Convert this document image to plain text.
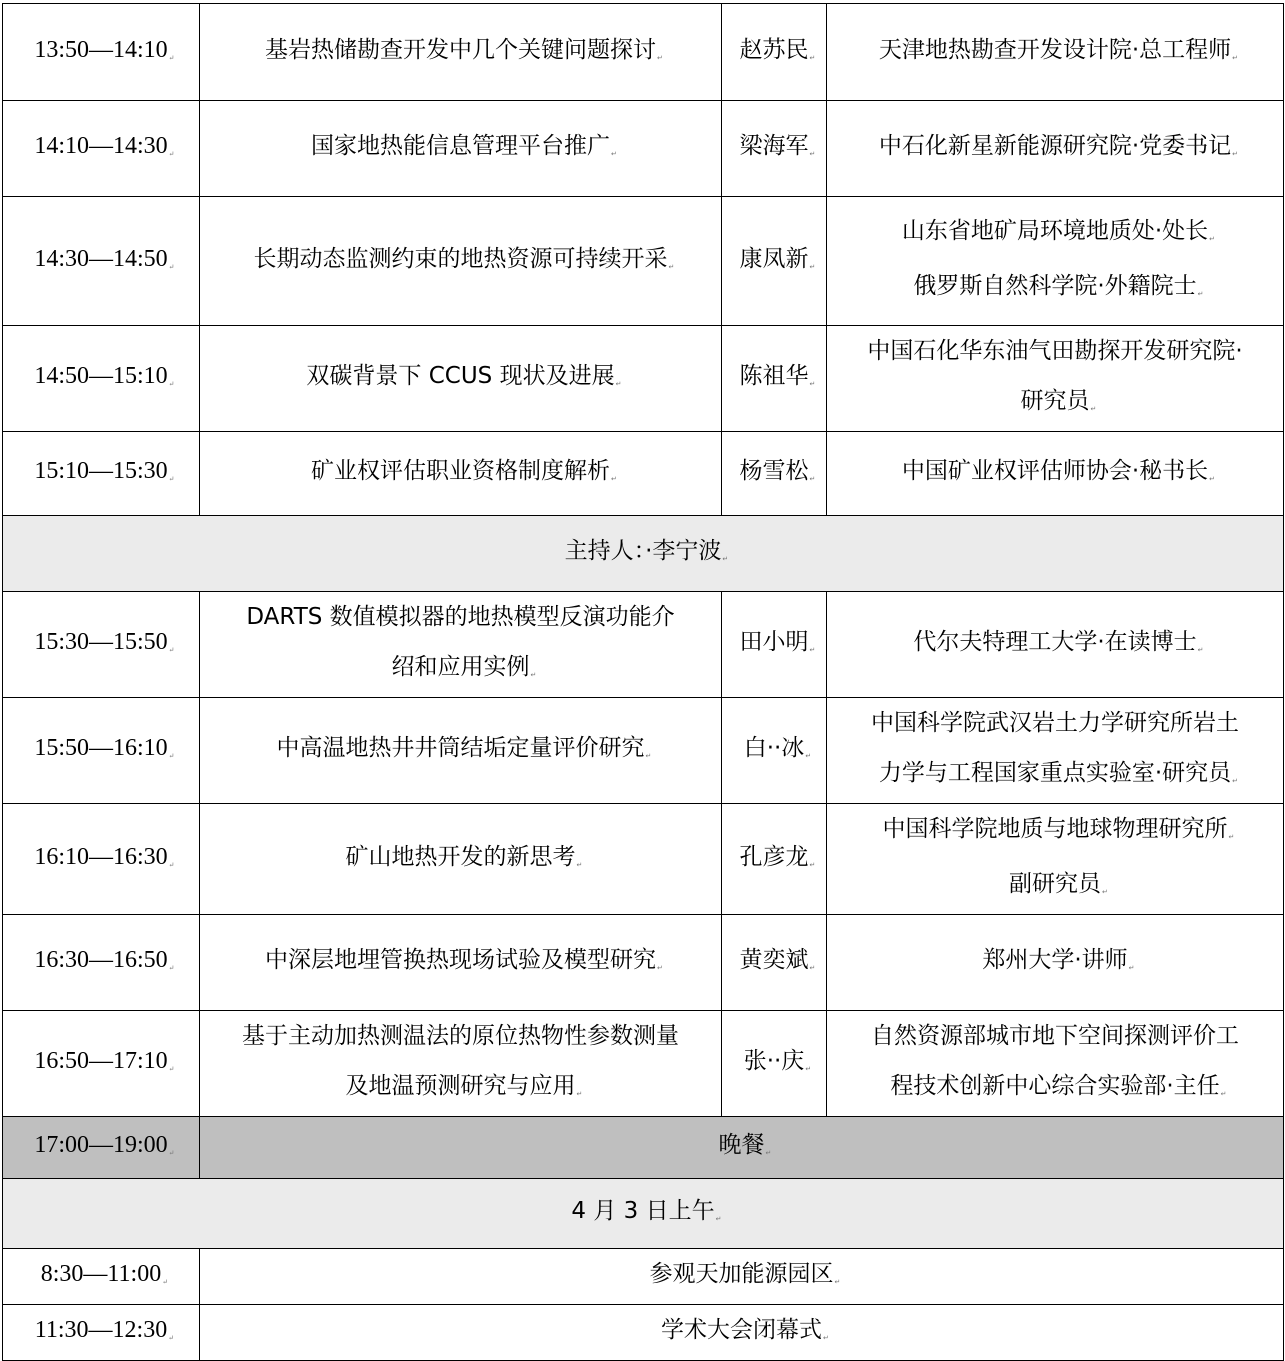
13:50—14:10	基岩热储勘查开发中几个关键问题探讨	赵苏民	天津地热勘查开发设计院·总工程师

14:10—14:30	国家地热能信息管理平台推广	梁海军	中石化新星新能源研究院·党委书记

14:30—14:50	长期动态监测约束的地热资源可持续开采	康凤新	山东省地矿局环境地质处·处长
俄罗斯自然科学院·外籍院士

14:50—15:10	双碳背景下 CCUS 现状及进展	陈祖华	中国石化华东油气田勘探开发研究院·
研究员

15:10—15:30	矿业权评估职业资格制度解析	杨雪松	中国矿业权评估师协会·秘书长

主持人：·李宁波			
15:30—15:50	DARTS 数值模拟器的地热模型反演功能介
绍和应用实例	田小明	代尔夫特理工大学·在读博士

15:50—16:10	中高温地热井井筒结垢定量评价研究	白··冰	中国科学院武汉岩土力学研究所岩土
力学与工程国家重点实验室·研究员

16:10—16:30	矿山地热开发的新思考	孔彦龙	中国科学院地质与地球物理研究所
副研究员

16:30—16:50	中深层地埋管换热现场试验及模型研究	黄奕斌	郑州大学·讲师

16:50—17:10	基于主动加热测温法的原位热物性参数测量
及地温预测研究与应用	张··庆	自然资源部城市地下空间探测评价工
程技术创新中心综合实验部·主任

17:00—19:00	晚餐		
4 月 3 日上午			
8:30—11:00	参观天加能源园区		
11:30—12:30	学术大会闭幕式		
